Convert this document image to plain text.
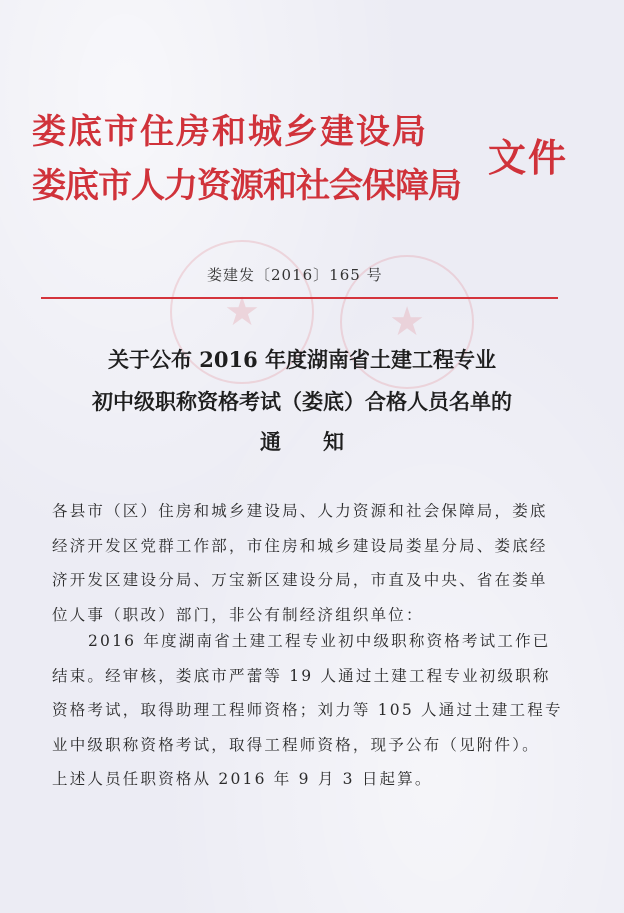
★	★
娄底市住房和城乡建设局
娄底市人力资源和社会保障局
文件
娄建发〔2016〕165 号
关于公布 2016 年度湖南省土建工程专业
初中级职称资格考试（娄底）合格人员名单的
通 知
各县市（区）住房和城乡建设局、人力资源和社会保障局，娄底
经济开发区党群工作部，市住房和城乡建设局娄星分局、娄底经
济开发区建设分局、万宝新区建设分局，市直及中央、省在娄单
位人事（职改）部门，非公有制经济组织单位：
2016 年度湖南省土建工程专业初中级职称资格考试工作已
结束。经审核，娄底市严蕾等 19 人通过土建工程专业初级职称
资格考试，取得助理工程师资格；刘力等 105 人通过土建工程专
业中级职称资格考试，取得工程师资格，现予公布（见附件）。
上述人员任职资格从 2016 年 9 月 3 日起算。
